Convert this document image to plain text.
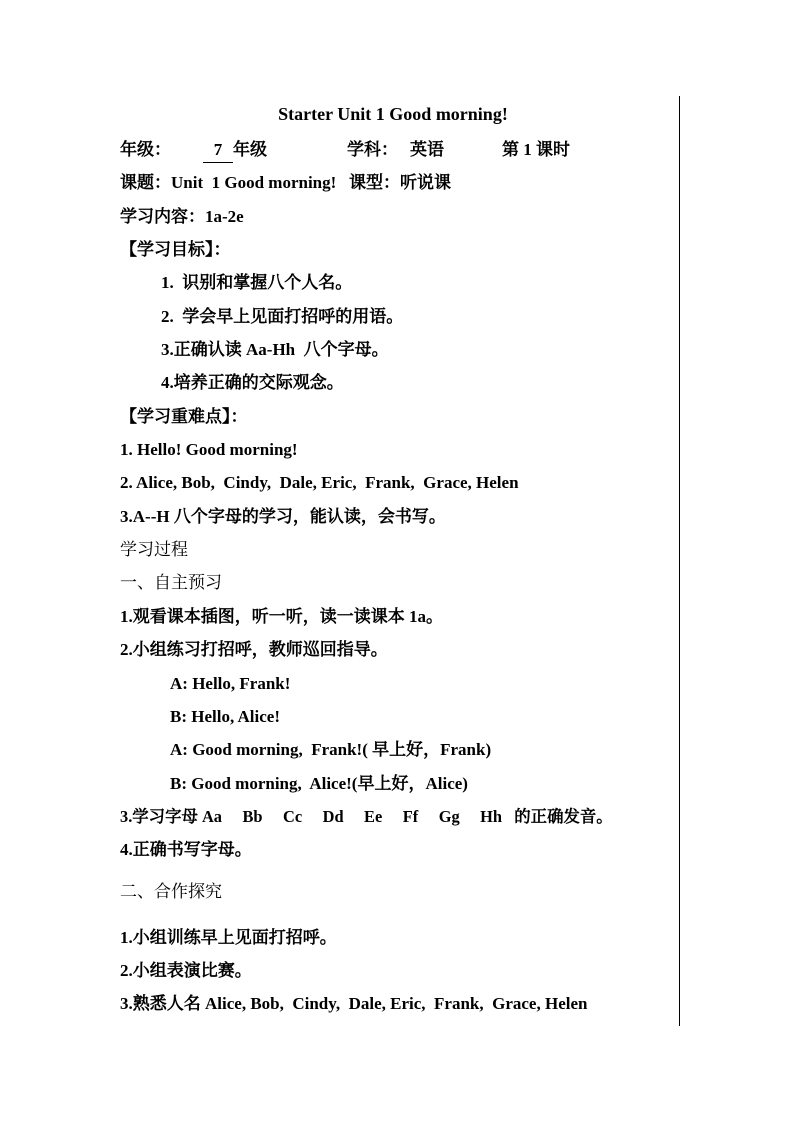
Starter Unit 1 Good morning!
年级：	7 年级	学科： 英语	第 1 课时
课题：Unit  1 Good morning!   课型：听说课
学习内容：1a-2e
【学习目标】：
1.  识别和掌握八个人名。
2.  学会早上见面打招呼的用语。
3.正确认读 Aa-Hh  八个字母。
4.培养正确的交际观念。
【学习重难点】：
1. Hello! Good morning!
2. Alice, Bob,  Cindy,  Dale, Eric,  Frank,  Grace, Helen
3.A--H 八个字母的学习，能认读，会书写。
学习过程
一、自主预习
1.观看课本插图，听一听，读一读课本 1a。
2.小组练习打招呼，教师巡回指导。
A: Hello, Frank!
B: Hello, Alice!
A: Good morning,  Frank!( 早上好，Frank)
B: Good morning,  Alice!(早上好，Alice)
3.学习字母 Aa     Bb     Cc     Dd     Ee     Ff     Gg     Hh   的正确发音。
4.正确书写字母。
二、合作探究
1.小组训练早上见面打招呼。
2.小组表演比赛。
3.熟悉人名 Alice, Bob,  Cindy,  Dale, Eric,  Frank,  Grace, Helen
